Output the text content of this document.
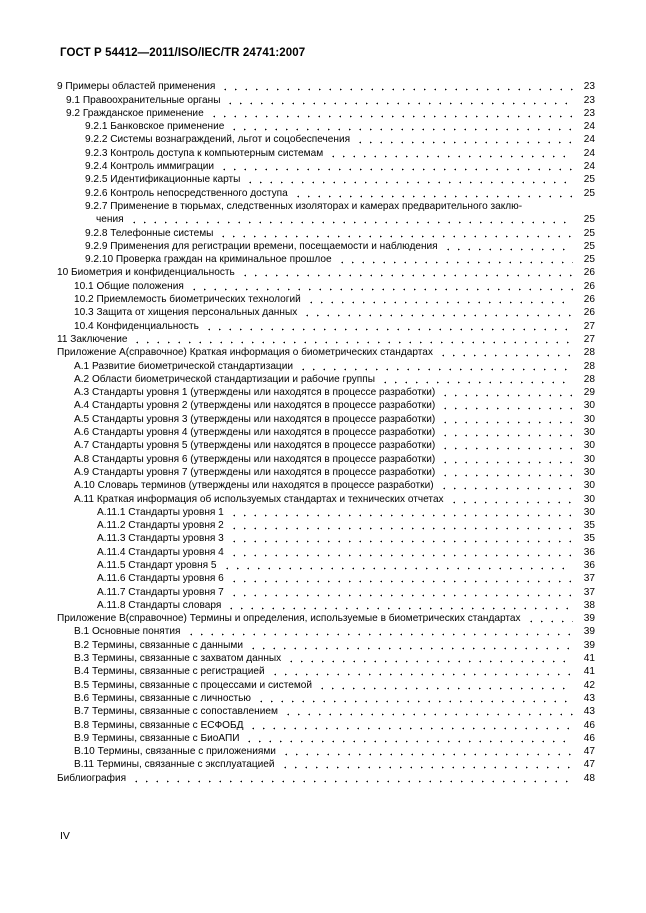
ГОСТ Р 54412—2011/ISO/IEC/TR 24741:2007
9 Примеры областей применения	23
9.1 Правоохранительные органы	23
9.2 Гражданское применение	23
9.2.1 Банковское применение	24
9.2.2 Системы вознаграждений, льгот и соцобеспечения	24
9.2.3 Контроль доступа к компьютерным системам	24
9.2.4 Контроль иммиграции	24
9.2.5 Идентификационные карты	25
9.2.6 Контроль непосредственного доступа	25
9.2.7 Применение в тюрьмах, следственных изоляторах и камерах предварительного заклю-
чения	25
9.2.8 Телефонные системы	25
9.2.9 Применения для регистрации времени, посещаемости и наблюдения	25
9.2.10 Проверка граждан на криминальное прошлое	25
10 Биометрия и конфиденциальность	26
10.1 Общие положения	26
10.2 Приемлемость биометрических технологий	26
10.3 Защита от хищения персональных данных	26
10.4 Конфиденциальность	27
11 Заключение	27
Приложение А(справочное) Краткая информация о биометрических стандартах	28
А.1 Развитие биометрической стандартизации	28
А.2 Области биометрической стандартизации и рабочие группы	28
А.3 Стандарты уровня 1 (утверждены или находятся в процессе разработки)	29
А.4 Стандарты уровня 2 (утверждены или находятся в процессе разработки)	30
А.5 Стандарты уровня 3 (утверждены или находятся в процессе разработки)	30
А.6 Стандарты уровня 4 (утверждены или находятся в процессе разработки)	30
А.7 Стандарты уровня 5 (утверждены или находятся в процессе разработки)	30
А.8 Стандарты уровня 6 (утверждены или находятся в процессе разработки)	30
А.9 Стандарты уровня 7 (утверждены или находятся в процессе разработки)	30
А.10 Словарь терминов (утверждены или находятся в процессе разработки)	30
А.11 Краткая информация об используемых стандартах и технических отчетах	30
А.11.1 Стандарты уровня 1	30
А.11.2 Стандарты уровня 2	35
А.11.3 Стандарты уровня 3	35
А.11.4 Стандарты уровня 4	36
А.11.5 Стандарт уровня 5	36
А.11.6 Стандарты уровня 6	37
А.11.7 Стандарты уровня 7	37
А.11.8 Стандарты словаря	38
Приложение В(справочное) Термины и определения, используемые в биометрических стандартах	39
В.1 Основные понятия	39
В.2 Термины, связанные с данными	39
В.3 Термины, связанные с захватом данных	41
В.4 Термины, связанные с регистрацией	41
В.5 Термины, связанные с процессами и системой	42
В.6 Термины, связанные с личностью	43
В.7 Термины, связанные с сопоставлением	43
В.8 Термины, связанные с ЕСФОБД	46
В.9 Термины, связанные с БиоАПИ	46
В.10 Термины, связанные с приложениями	47
В.11 Термины, связанные с эксплуатацией	47
Библиография	48
IV
